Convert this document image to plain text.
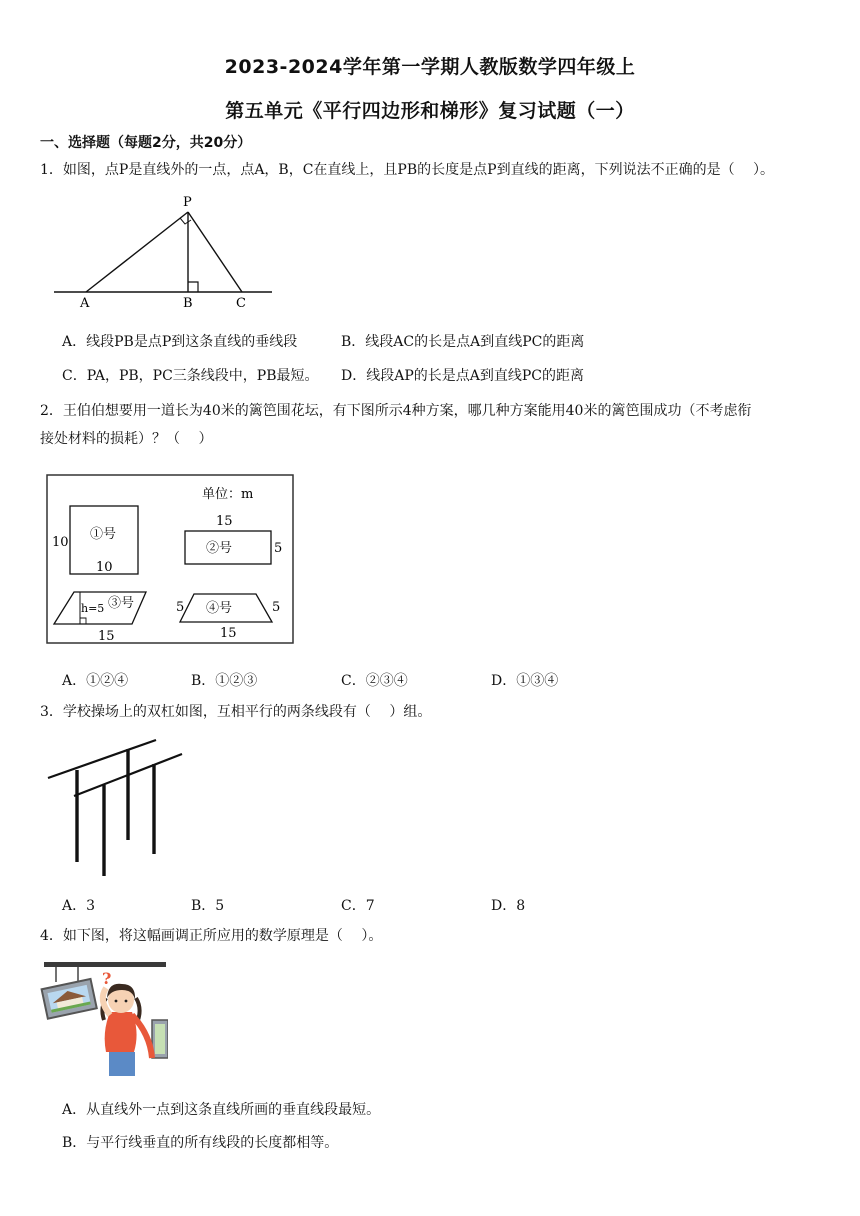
2023-2024学年第一学期人教版数学四年级上
第五单元《平行四边形和梯形》复习试题（一）
一、选择题（每题2分，共20分）
1．如图，点P是直线外的一点，点A，B，C在直线上，且PB的长度是点P到直线的距离，下列说法不正确的是（　 ）。
P
A	B	C
A．线段PB是点P到这条直线的垂线段	B．线段AC的长是点A到直线PC的距离
C．PA，PB，PC三条线段中，PB最短。 D．线段AP的长是点A到直线PC的距离
2．王伯伯想要用一道长为40米的篱笆围花坛，有下图所示4种方案，哪几种方案能用40米的篱笆围成功（不考虑衔
接处材料的损耗）？（　 ）
单位：m
①号
10
10
15
5
②号
h=5 ③号
15
④号
5	5
15
A．①②④	B．①②③	C．②③④	D．①③④
3．学校操场上的双杠如图，互相平行的两条线段有（　 ）组。
A．3	B．5	C．7	D．8
4．如下图，将这幅画调正所应用的数学原理是（　 ）。
?
A．从直线外一点到这条直线所画的垂直线段最短。
B．与平行线垂直的所有线段的长度都相等。
